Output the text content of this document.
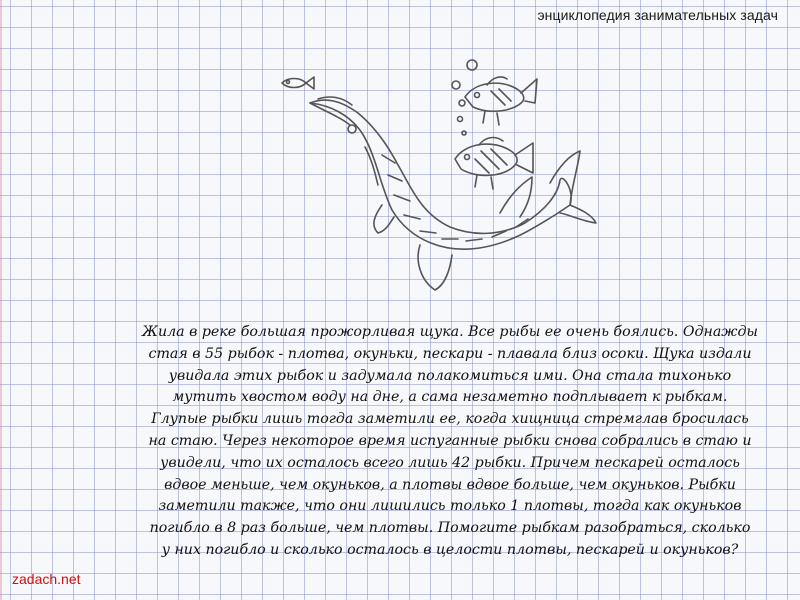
энциклопедия занимательных задач
Жила в реке большая прожорливая щука. Все рыбы ее очень боялись. Однажды
стая в 55 рыбок - плотва, окуньки, пескари - плавала близ осоки. Щука издали
увидала этих рыбок и задумала полакомиться ими. Она стала тихонько
мутить хвостом воду на дне, а сама незаметно подплывает к рыбкам.
Глупые рыбки лишь тогда заметили ее, когда хищница стремглав бросилась
на стаю. Через некоторое время испуганные рыбки снова собрались в стаю и
увидели, что их осталось всего лишь 42 рыбки. Причем пескарей осталось
вдвое меньше, чем окуньков, а плотвы вдвое больше, чем окуньков. Рыбки
заметили также, что они лишились только 1 плотвы, тогда как окуньков
погибло в 8 раз больше, чем плотвы. Помогите рыбкам разобраться, сколько
у них погибло и сколько осталось в целости плотвы, пескарей и окуньков?
zadach.net
